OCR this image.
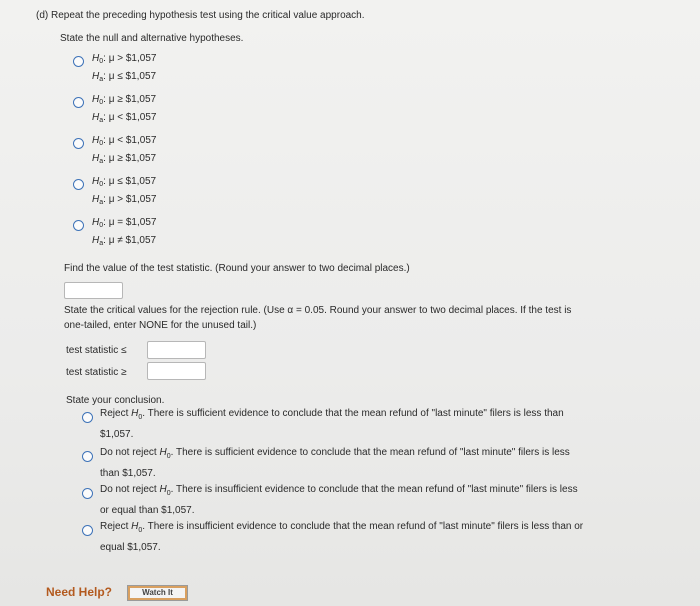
(d) Repeat the preceding hypothesis test using the critical value approach.
State the null and alternative hypotheses.
$H_0$: μ > $1,057
$H_a$: μ ≤ $1,057
$H_0$: μ ≥ $1,057
$H_a$: μ < $1,057
$H_0$: μ < $1,057
$H_a$: μ ≥ $1,057
$H_0$: μ ≤ $1,057
$H_a$: μ > $1,057
$H_0$: μ = $1,057
$H_a$: μ ≠ $1,057
Find the value of the test statistic. (Round your answer to two decimal places.)
State the critical values for the rejection rule. (Use α = 0.05. Round your answer to two decimal places. If the test is
one-tailed, enter NONE for the unused tail.)
test statistic ≤
test statistic ≥
State your conclusion.
Reject $H_0$. There is sufficient evidence to conclude that the mean refund of "last minute" filers is less than
$1,057.
Do not reject $H_0$. There is sufficient evidence to conclude that the mean refund of "last minute" filers is less
than $1,057.
Do not reject $H_0$. There is insufficient evidence to conclude that the mean refund of "last minute" filers is less
or equal than $1,057.
Reject $H_0$. There is insufficient evidence to conclude that the mean refund of "last minute" filers is less than or
equal $1,057.
Need Help?	Watch It
